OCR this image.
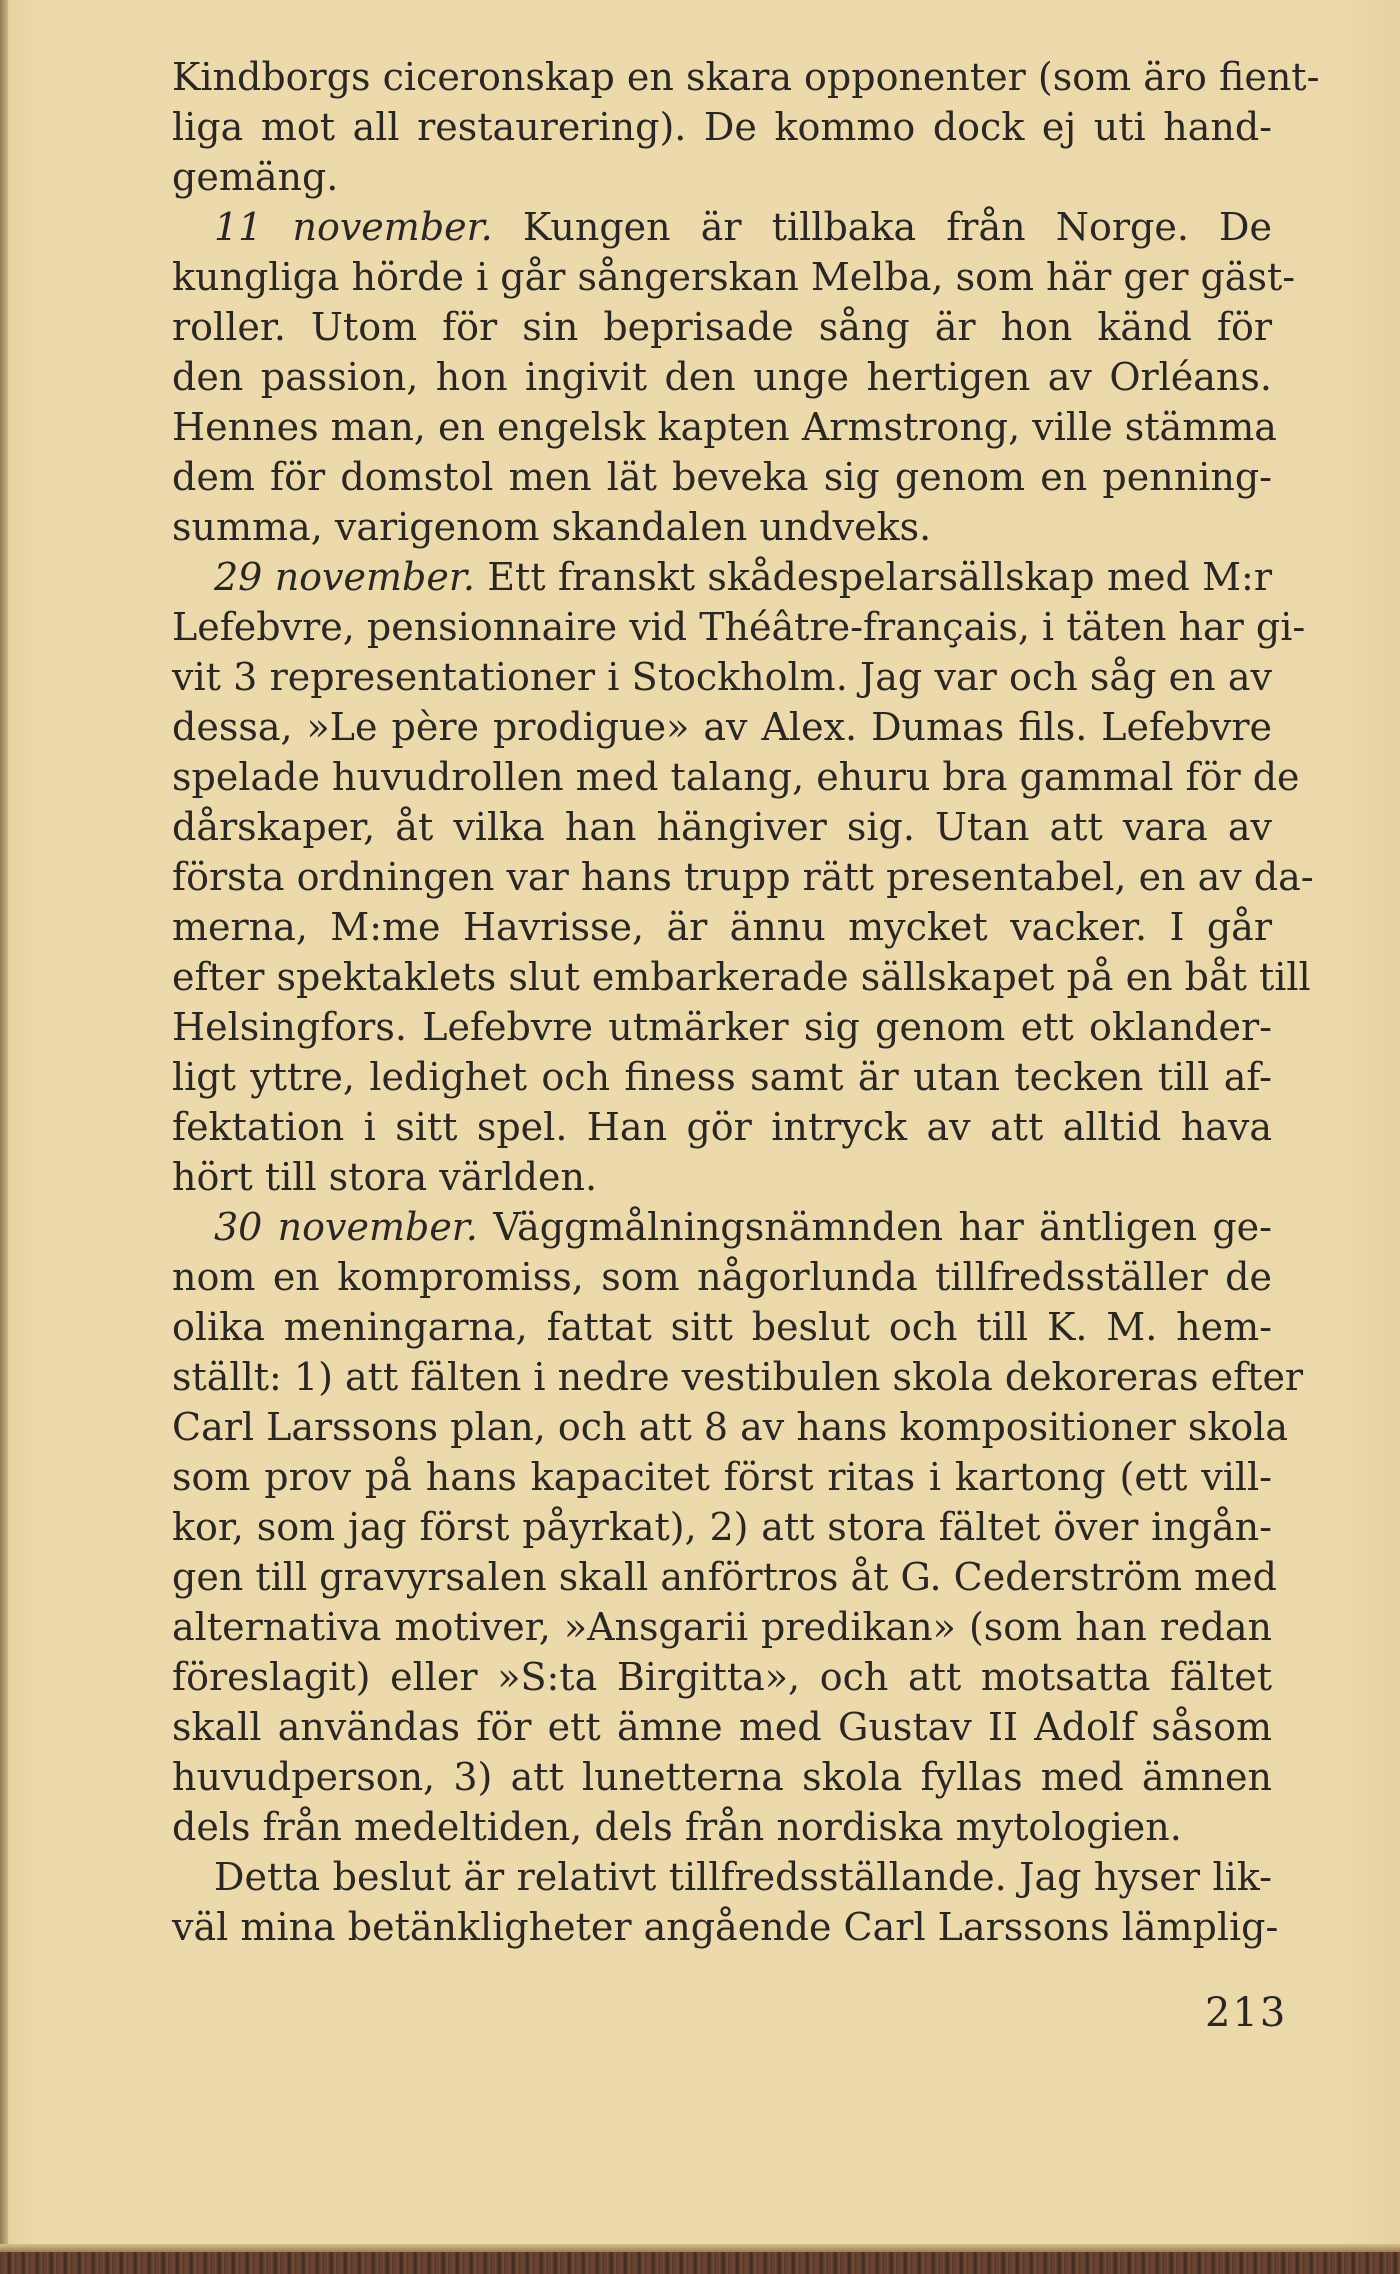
Kindborgs ciceronskap en skara opponenter (som äro fient-
liga mot all restaurering). De kommo dock ej uti hand-
gemäng.
11 november. Kungen är tillbaka från Norge. De
kungliga hörde i går sångerskan Melba, som här ger gäst-
roller. Utom för sin beprisade sång är hon känd för
den passion, hon ingivit den unge hertigen av Orléans.
Hennes man, en engelsk kapten Armstrong, ville stämma
dem för domstol men lät beveka sig genom en penning-
summa, varigenom skandalen undveks.
29 november. Ett franskt skådespelarsällskap med M:r
Lefebvre, pensionnaire vid Théâtre-français, i täten har gi-
vit 3 representationer i Stockholm. Jag var och såg en av
dessa, »Le père prodigue» av Alex. Dumas fils. Lefebvre
spelade huvudrollen med talang, ehuru bra gammal för de
dårskaper, åt vilka han hängiver sig. Utan att vara av
första ordningen var hans trupp rätt presentabel, en av da-
merna, M:me Havrisse, är ännu mycket vacker. I går
efter spektaklets slut embarkerade sällskapet på en båt till
Helsingfors. Lefebvre utmärker sig genom ett oklander-
ligt yttre, ledighet och finess samt är utan tecken till af-
fektation i sitt spel. Han gör intryck av att alltid hava
hört till stora världen.
30 november. Väggmålningsnämnden har äntligen ge-
nom en kompromiss, som någorlunda tillfredsställer de
olika meningarna, fattat sitt beslut och till K. M. hem-
ställt: 1) att fälten i nedre vestibulen skola dekoreras efter
Carl Larssons plan, och att 8 av hans kompositioner skola
som prov på hans kapacitet först ritas i kartong (ett vill-
kor, som jag först påyrkat), 2) att stora fältet över ingån-
gen till gravyrsalen skall anförtros åt G. Cederström med
alternativa motiver, »Ansgarii predikan» (som han redan
föreslagit) eller »S:ta Birgitta», och att motsatta fältet
skall användas för ett ämne med Gustav II Adolf såsom
huvudperson, 3) att lunetterna skola fyllas med ämnen
dels från medeltiden, dels från nordiska mytologien.
Detta beslut är relativt tillfredsställande. Jag hyser lik-
väl mina betänkligheter angående Carl Larssons lämplig-
213
